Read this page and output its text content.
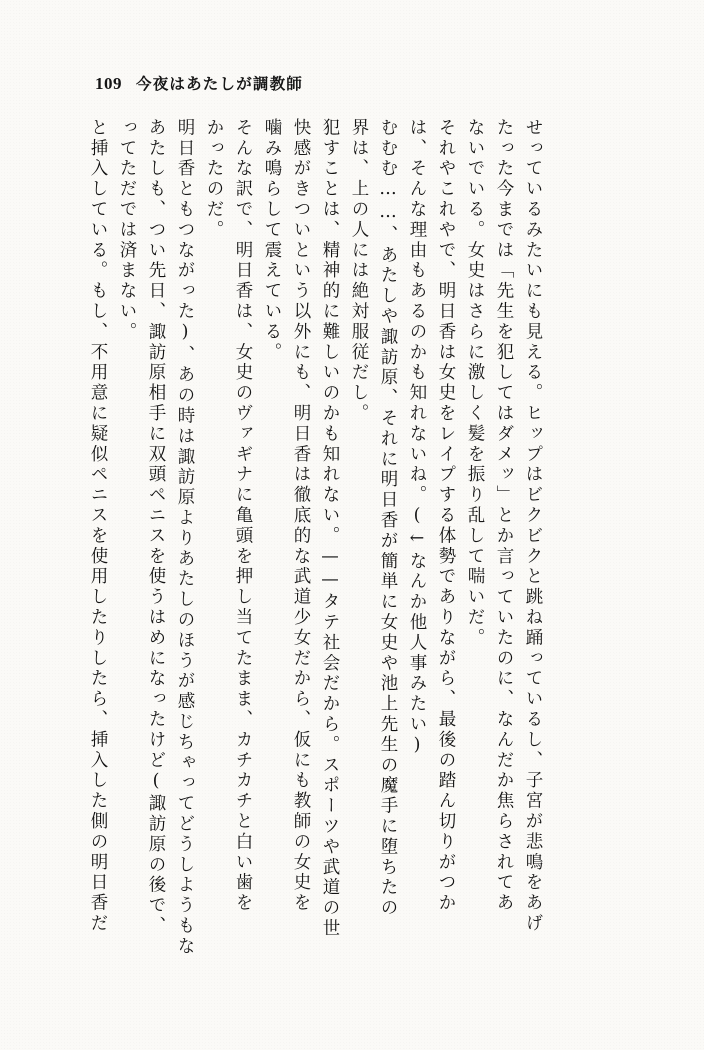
109 今夜はあたしが調教師
と挿入している。もし、不用意に疑似ペニスを使用したりしたら、挿入した側の明日香だ ってただでは済まない。 あたしも、つい先日、諏訪原相手に双頭ペニスを使うはめになったけど(諏訪原の後で、 明日香ともつながった)、あの時は諏訪原よりあたしのほうが感じちゃってどうしようもな かったのだ。 そんな訳で、明日香は、女史のヴァギナに亀頭を押し当てたまま、カチカチと白い歯を 噛み鳴らして震えている。 快感がきついという以外にも、明日香は徹底的な武道少女だから、仮にも教師の女史を 犯すことは、精神的に難しいのかも知れない。——タテ社会だから。スポーツや武道の世 界は、上の人には絶対服従だし。 むむむ……、あたしや諏訪原、それに明日香が簡単に女史や池上先生の魔手に堕ちたの は、そんな理由もあるのかも知れないね。(←なんか他人事みたい) それやこれやで、明日香は女史をレイプする体勢でありながら、最後の踏ん切りがつか ないでいる。女史はさらに激しく髪を振り乱して喘いだ。 たった今までは「先生を犯してはダメッ」とか言っていたのに、なんだか焦らされてあ せっているみたいにも見える。ヒップはビクビクと跳ね踊っているし、子宮が悲鳴をあげ
